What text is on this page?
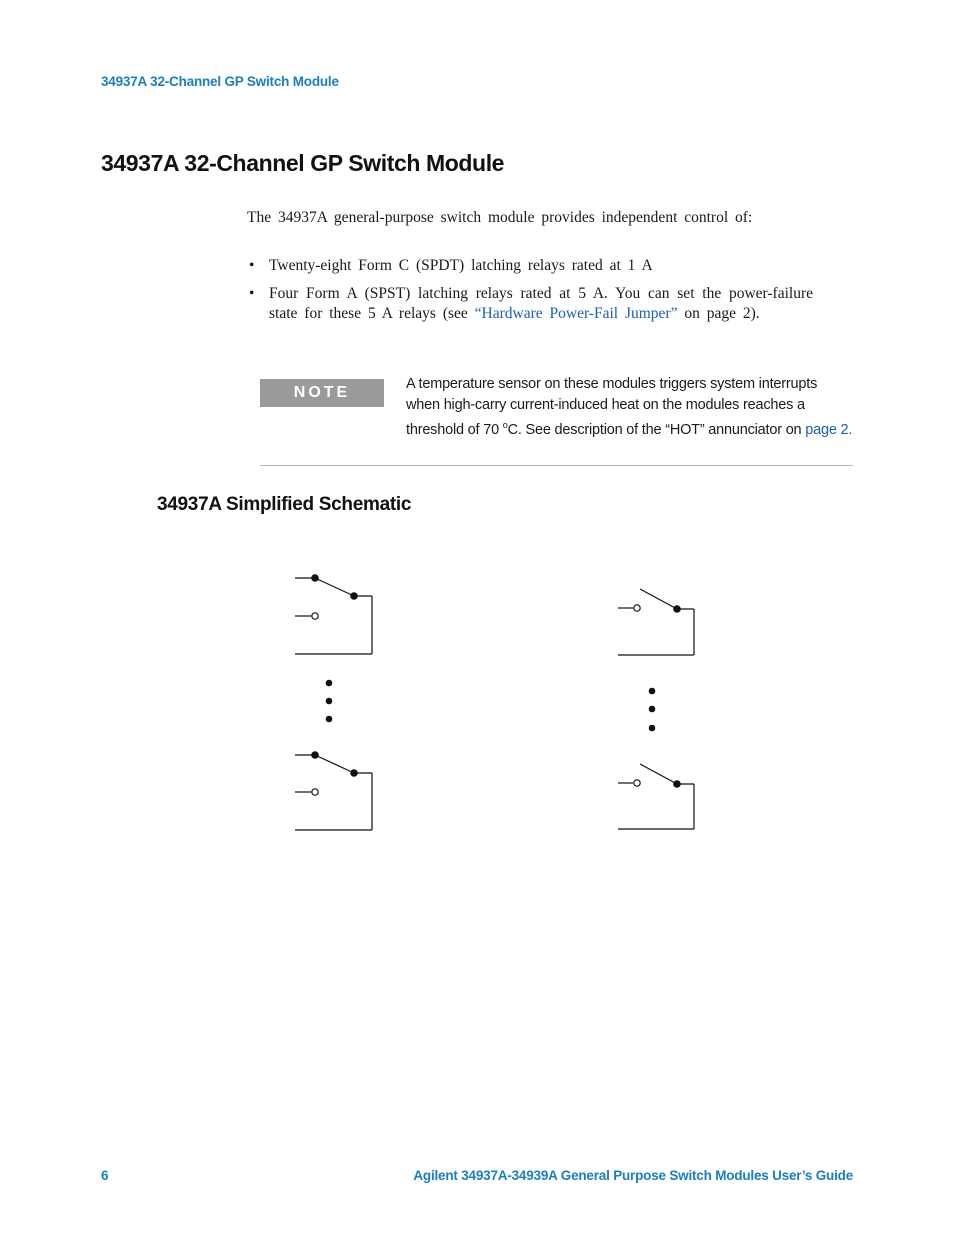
34937A 32-Channel GP Switch Module
34937A 32-Channel GP Switch Module
The 34937A general-purpose switch module provides independent control of:
• Twenty-eight Form C (SPDT) latching relays rated at 1 A
• Four Form A (SPST) latching relays rated at 5 A. You can set the power-failure state for these 5 A relays (see “Hardware Power-Fail Jumper” on page 2).
NOTE	A temperature sensor on these modules triggers system interrupts when high-carry current-induced heat on the modules reaches a threshold of 70 $^o$C. See description of the “HOT” annunciator on page 2.
34937A Simplified Schematic
6	Agilent 34937A-34939A General Purpose Switch Modules User’s Guide
